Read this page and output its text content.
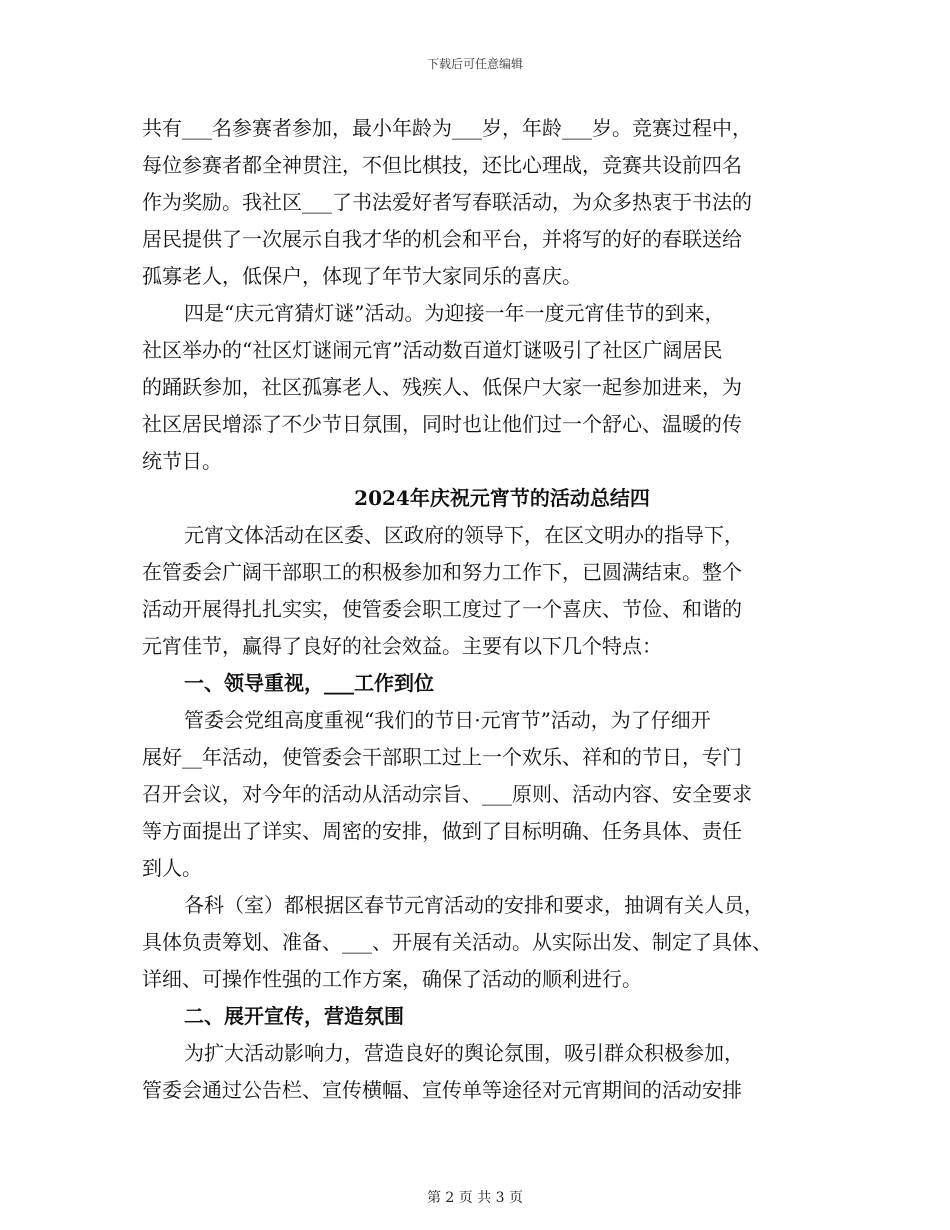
下载后可任意编辑
共有___名参赛者参加，最小年龄为___岁，年龄___岁。竞赛过程中，
每位参赛者都全神贯注，不但比棋技，还比心理战，竞赛共设前四名
作为奖励。我社区___了书法爱好者写春联活动，为众多热衷于书法的
居民提供了一次展示自我才华的机会和平台，并将写的好的春联送给
孤寡老人，低保户，体现了年节大家同乐的喜庆。
四是“庆元宵猜灯谜”活动。为迎接一年一度元宵佳节的到来，
社区举办的“社区灯谜闹元宵”活动数百道灯谜吸引了社区广阔居民
的踊跃参加，社区孤寡老人、残疾人、低保户大家一起参加进来，为
社区居民增添了不少节日氛围，同时也让他们过一个舒心、温暖的传
统节日。
2024年庆祝元宵节的活动总结四
元宵文体活动在区委、区政府的领导下，在区文明办的指导下，
在管委会广阔干部职工的积极参加和努力工作下，已圆满结束。整个
活动开展得扎扎实实，使管委会职工度过了一个喜庆、节俭、和谐的
元宵佳节，赢得了良好的社会效益。主要有以下几个特点：
一、领导重视，___工作到位
管委会党组高度重视“我们的节日·元宵节”活动，为了仔细开
展好__年活动，使管委会干部职工过上一个欢乐、祥和的节日，专门
召开会议，对今年的活动从活动宗旨、___原则、活动内容、安全要求
等方面提出了详实、周密的安排，做到了目标明确、任务具体、责任
到人。
各科（室）都根据区春节元宵活动的安排和要求，抽调有关人员，
具体负责筹划、准备、___、开展有关活动。从实际出发、制定了具体、
详细、可操作性强的工作方案，确保了活动的顺利进行。
二、展开宣传，营造氛围
为扩大活动影响力，营造良好的舆论氛围，吸引群众积极参加，
管委会通过公告栏、宣传横幅、宣传单等途径对元宵期间的活动安排
第 2 页 共 3 页
